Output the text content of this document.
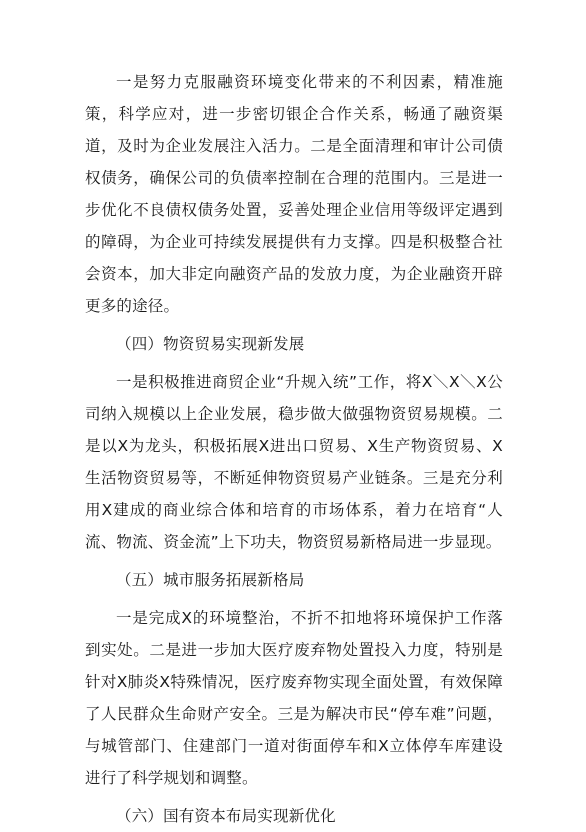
一是努力克服融资环境变化带来的不利因素，精准施策，科学应对，进一步密切银企合作关系，畅通了融资渠道，及时为企业发展注入活力。二是全面清理和审计公司债权债务，确保公司的负债率控制在合理的范围内。三是进一步优化不良债权债务处置，妥善处理企业信用等级评定遇到的障碍，为企业可持续发展提供有力支撑。四是积极整合社会资本，加大非定向融资产品的发放力度，为企业融资开辟更多的途径。

（四）物资贸易实现新发展

一是积极推进商贸企业“升规入统”工作，将X＼X＼X公司纳入规模以上企业发展，稳步做大做强物资贸易规模。二是以X为龙头，积极拓展X进出口贸易、X生产物资贸易、X生活物资贸易等，不断延伸物资贸易产业链条。三是充分利用X建成的商业综合体和培育的市场体系，着力在培育“人流、物流、资金流”上下功夫，物资贸易新格局进一步显现。

（五）城市服务拓展新格局

一是完成X的环境整治，不折不扣地将环境保护工作落到实处。二是进一步加大医疗废弃物处置投入力度，特别是针对X肺炎X特殊情况，医疗废弃物实现全面处置，有效保障了人民群众生命财产安全。三是为解决市民“停车难”问题，与城管部门、住建部门一道对街面停车和X立体停车库建设进行了科学规划和调整。

（六）国有资本布局实现新优化
